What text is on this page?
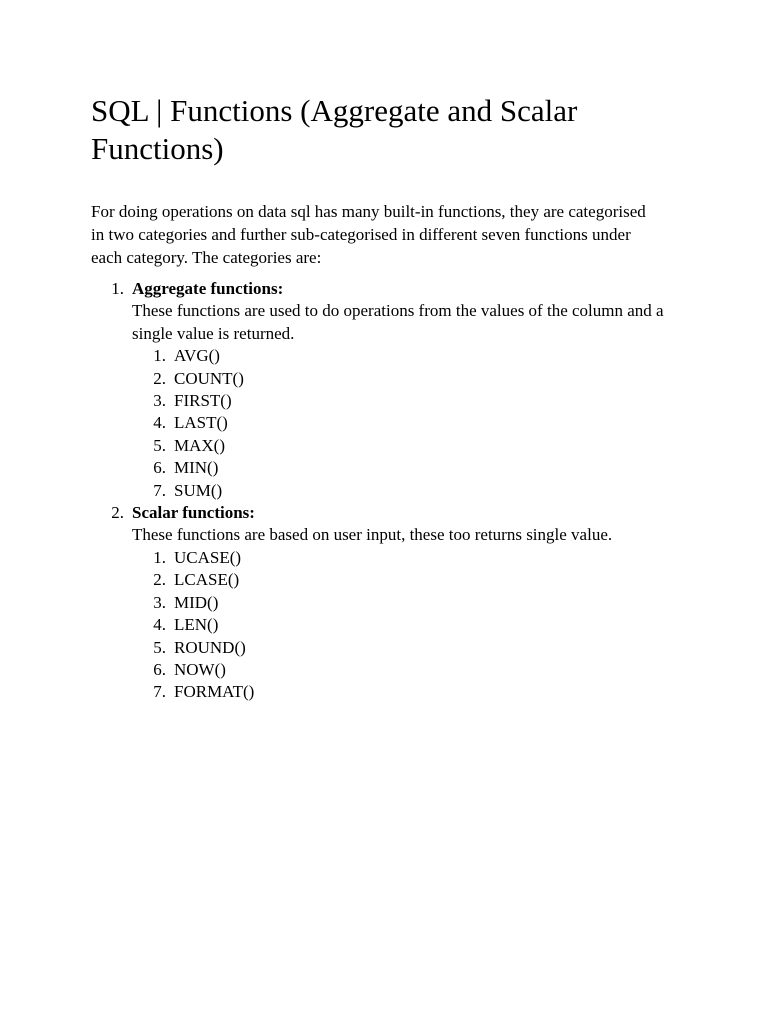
SQL | Functions (Aggregate and Scalar Functions)

For doing operations on data sql has many built-in functions, they are categorised in two categories and further sub-categorised in different seven functions under each category. The categories are:

1. Aggregate functions:
These functions are used to do operations from the values of the column and a single value is returned.
1. AVG()
2. COUNT()
3. FIRST()
4. LAST()
5. MAX()
6. MIN()
7. SUM()
2. Scalar functions:
These functions are based on user input, these too returns single value.
1. UCASE()
2. LCASE()
3. MID()
4. LEN()
5. ROUND()
6. NOW()
7. FORMAT()
